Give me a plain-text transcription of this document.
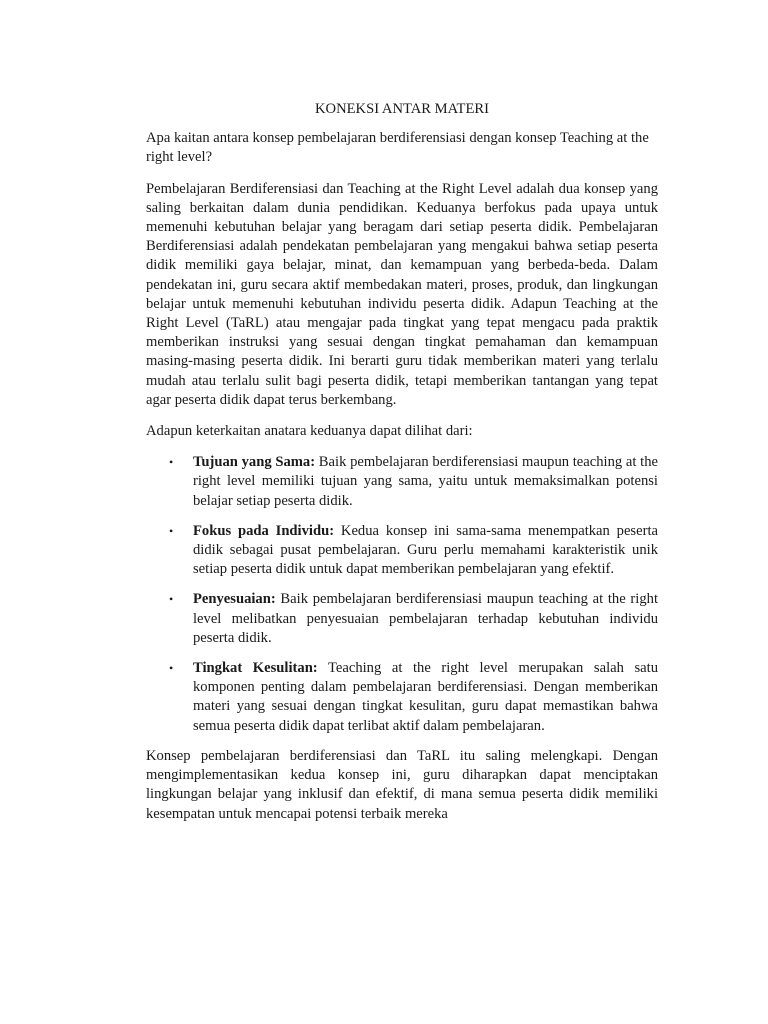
KONEKSI ANTAR MATERI

Apa kaitan antara konsep pembelajaran berdiferensiasi dengan konsep Teaching at the right level?

Pembelajaran Berdiferensiasi dan Teaching at the Right Level adalah dua konsep yang saling berkaitan dalam dunia pendidikan. Keduanya berfokus pada upaya untuk memenuhi kebutuhan belajar yang beragam dari setiap peserta didik. Pembelajaran Berdiferensiasi adalah pendekatan pembelajaran yang mengakui bahwa setiap peserta didik memiliki gaya belajar, minat, dan kemampuan yang berbeda-beda. Dalam pendekatan ini, guru secara aktif membedakan materi, proses, produk, dan lingkungan belajar untuk memenuhi kebutuhan individu peserta didik. Adapun Teaching at the Right Level (TaRL) atau mengajar pada tingkat yang tepat mengacu pada praktik memberikan instruksi yang sesuai dengan tingkat pemahaman dan kemampuan masing-masing peserta didik. Ini berarti guru tidak memberikan materi yang terlalu mudah atau terlalu sulit bagi peserta didik, tetapi memberikan tantangan yang tepat agar peserta didik dapat terus berkembang.

Adapun keterkaitan anatara keduanya dapat dilihat dari:

• Tujuan yang Sama: Baik pembelajaran berdiferensiasi maupun teaching at the right level memiliki tujuan yang sama, yaitu untuk memaksimalkan potensi belajar setiap peserta didik.
• Fokus pada Individu: Kedua konsep ini sama-sama menempatkan peserta didik sebagai pusat pembelajaran. Guru perlu memahami karakteristik unik setiap peserta didik untuk dapat memberikan pembelajaran yang efektif.
• Penyesuaian: Baik pembelajaran berdiferensiasi maupun teaching at the right level melibatkan penyesuaian pembelajaran terhadap kebutuhan individu peserta didik.
• Tingkat Kesulitan: Teaching at the right level merupakan salah satu komponen penting dalam pembelajaran berdiferensiasi. Dengan memberikan materi yang sesuai dengan tingkat kesulitan, guru dapat memastikan bahwa semua peserta didik dapat terlibat aktif dalam pembelajaran.

Konsep pembelajaran berdiferensiasi dan TaRL itu saling melengkapi. Dengan mengimplementasikan kedua konsep ini, guru diharapkan dapat menciptakan lingkungan belajar yang inklusif dan efektif, di mana semua peserta didik memiliki kesempatan untuk mencapai potensi terbaik mereka
